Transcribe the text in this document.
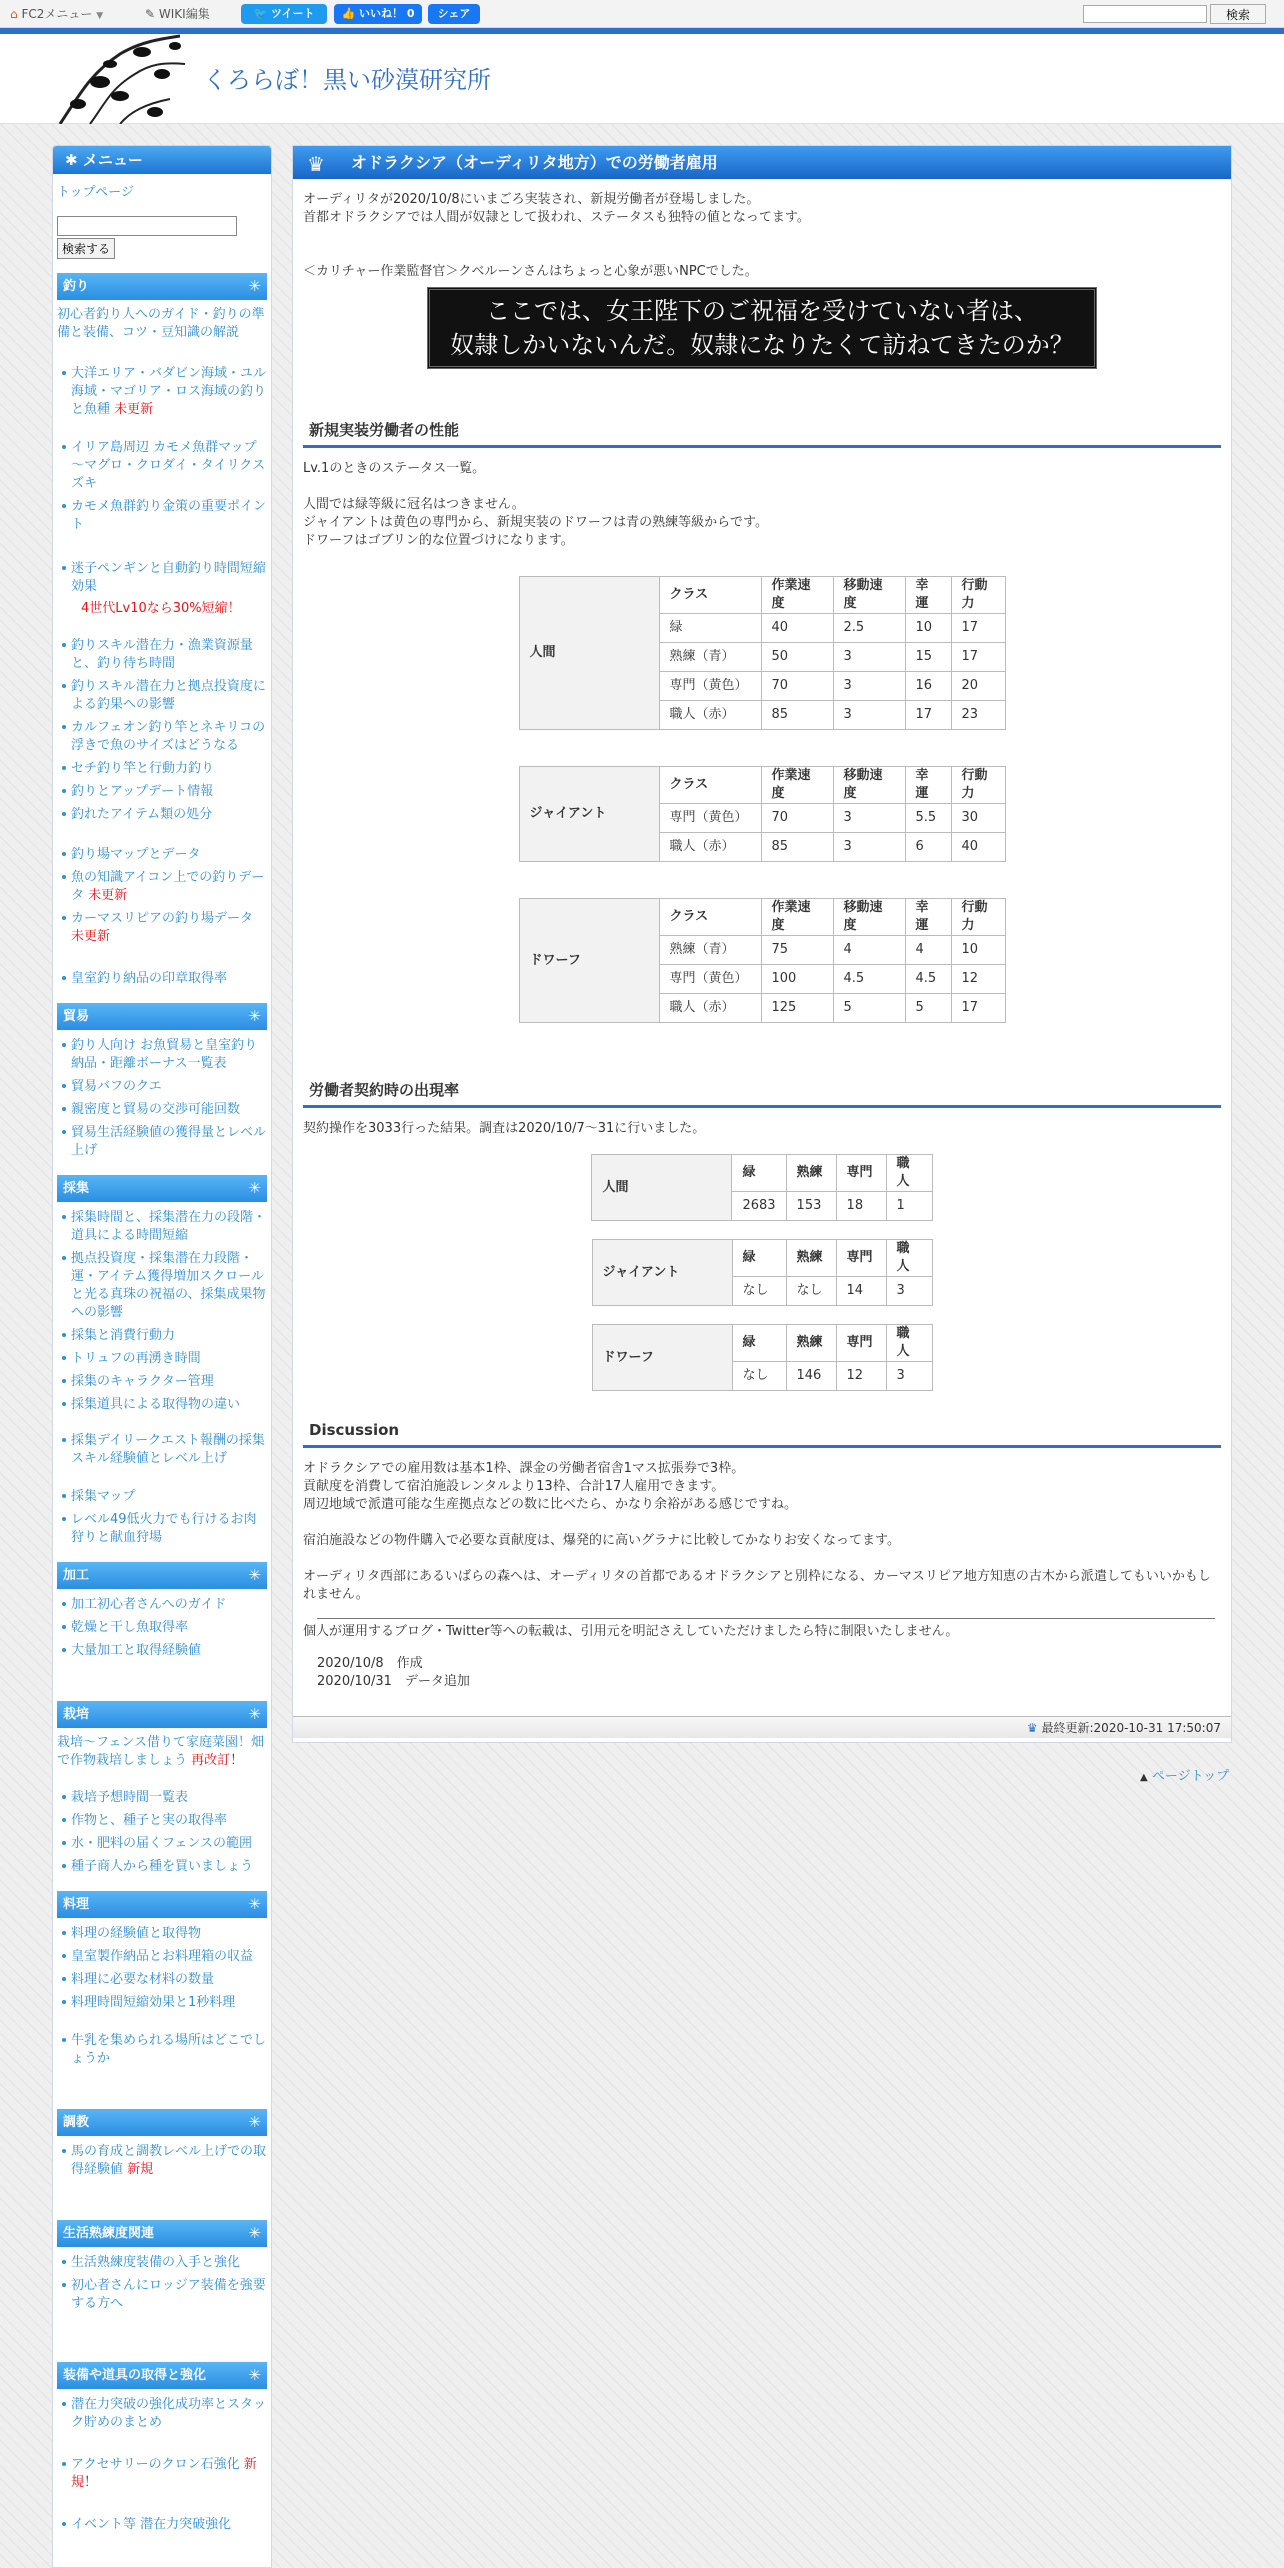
⌂ FC2メニュー ▼	✎ WIKI編集	🐦 ツイート	👍 いいね！ 0	シェア	検索
くろらぼ！黒い砂漠研究所
✱ メニュー
トップページ
検索する
釣り	✳
初心者釣り人へのガイド・釣りの準備と装備、コツ・豆知識の解説
大洋エリア・バダビン海域・ユル海域・マゴリア・ロス海域の釣りと魚種 未更新
イリア島周辺 カモメ魚群マップ ～マグロ・クロダイ・タイリクスズキ
カモメ魚群釣り金策の重要ポイント
迷子ペンギンと自動釣り時間短縮効果
4世代Lv10なら30%短縮！
釣りスキル潜在力・漁業資源量と、釣り待ち時間
釣りスキル潜在力と拠点投資度による釣果への影響
カルフェオン釣り竿とネキリコの浮きで魚のサイズはどうなる
セチ釣り竿と行動力釣り
釣りとアップデート情報
釣れたアイテム類の処分
釣り場マップとデータ
魚の知識アイコン上での釣りデータ 未更新
カーマスリピアの釣り場データ 未更新
皇室釣り納品の印章取得率
貿易	✳
釣り人向け お魚貿易と皇室釣り納品・距離ボーナス一覧表
貿易バフのクエ
親密度と貿易の交渉可能回数
貿易生活経験値の獲得量とレベル上げ
採集	✳
採集時間と、採集潜在力の段階・道具による時間短縮
拠点投資度・採集潜在力段階・運・アイテム獲得増加スクロールと光る真珠の祝福の、採集成果物への影響
採集と消費行動力
トリュフの再湧き時間
採集のキャラクター管理
採集道具による取得物の違い
採集デイリークエスト報酬の採集スキル経験値とレベル上げ
採集マップ
レベル49低火力でも行けるお肉狩りと献血狩場
加工	✳
加工初心者さんへのガイド
乾燥と干し魚取得率
大量加工と取得経験値
栽培	✳
栽培～フェンス借りて家庭菜園！畑で作物栽培しましょう 再改訂！
栽培予想時間一覧表
作物と、種子と実の取得率
水・肥料の届くフェンスの範囲
種子商人から種を買いましょう
料理	✳
料理の経験値と取得物
皇室製作納品とお料理箱の収益
料理に必要な材料の数量
料理時間短縮効果と1秒料理
牛乳を集められる場所はどこでしょうか
調教	✳
馬の育成と調教レベル上げでの取得経験値 新規
生活熟練度関連	✳
生活熟練度装備の入手と強化
初心者さんにロッジア装備を強要する方へ
装備や道具の取得と強化	✳
潜在力突破の強化成功率とスタック貯めのまとめ
アクセサリーのクロン石強化 新規！
イベント等 潜在力突破強化
♛ オドラクシア（オーディリタ地方）での労働者雇用
オーディリタが2020/10/8にいまごろ実装され、新規労働者が登場しました。
首都オドラクシアでは人間が奴隷として扱われ、ステータスも独特の値となってます。
＜カリチャー作業監督官＞クベルーンさんはちょっと心象が悪いNPCでした。
ここでは、女王陛下のご祝福を受けていない者は、
奴隷しかいないんだ。奴隷になりたくて訪ねてきたのか？
新規実装労働者の性能
Lv.1のときのステータス一覧。
人間では緑等級に冠名はつきません。
ジャイアントは黄色の専門から、新規実装のドワーフは青の熟練等級からです。
ドワーフはゴブリン的な位置づけになります。
人間	クラス	作業速度	移動速度	幸運	行動力
	緑	40	2.5	10	17
	熟練（青）	50	3	15	17
	専門（黄色）	70	3	16	20
	職人（赤）	85	3	17	23
ジャイアント	クラス	作業速度	移動速度	幸運	行動力
	専門（黄色）	70	3	5.5	30
	職人（赤）	85	3	6	40
ドワーフ	クラス	作業速度	移動速度	幸運	行動力
	熟練（青）	75	4	4	10
	専門（黄色）	100	4.5	4.5	12
	職人（赤）	125	5	5	17
労働者契約時の出現率
契約操作を3033行った結果。調査は2020/10/7～31に行いました。
人間	緑	熟練	専門	職人
	2683	153	18	1
ジャイアント	緑	熟練	専門	職人
	なし	なし	14	3
ドワーフ	緑	熟練	専門	職人
	なし	146	12	3
Discussion
オドラクシアでの雇用数は基本1枠、課金の労働者宿舎1マス拡張券で3枠。
貢献度を消費して宿泊施設レンタルより13枠、合計17人雇用できます。
周辺地域で派遣可能な生産拠点などの数に比べたら、かなり余裕がある感じですね。
宿泊施設などの物件購入で必要な貢献度は、爆発的に高いグラナに比較してかなりお安くなってます。
オーディリタ西部にあるいばらの森へは、オーディリタの首都であるオドラクシアと別枠になる、カーマスリピア地方知恵の古木から派遣してもいいかもしれません。
個人が運用するブログ・Twitter等への転載は、引用元を明記さえしていただけましたら特に制限いたしません。
2020/10/8　作成
2020/10/31　データ追加
♛ 最終更新:2020-10-31 17:50:07
▲ ページトップ
